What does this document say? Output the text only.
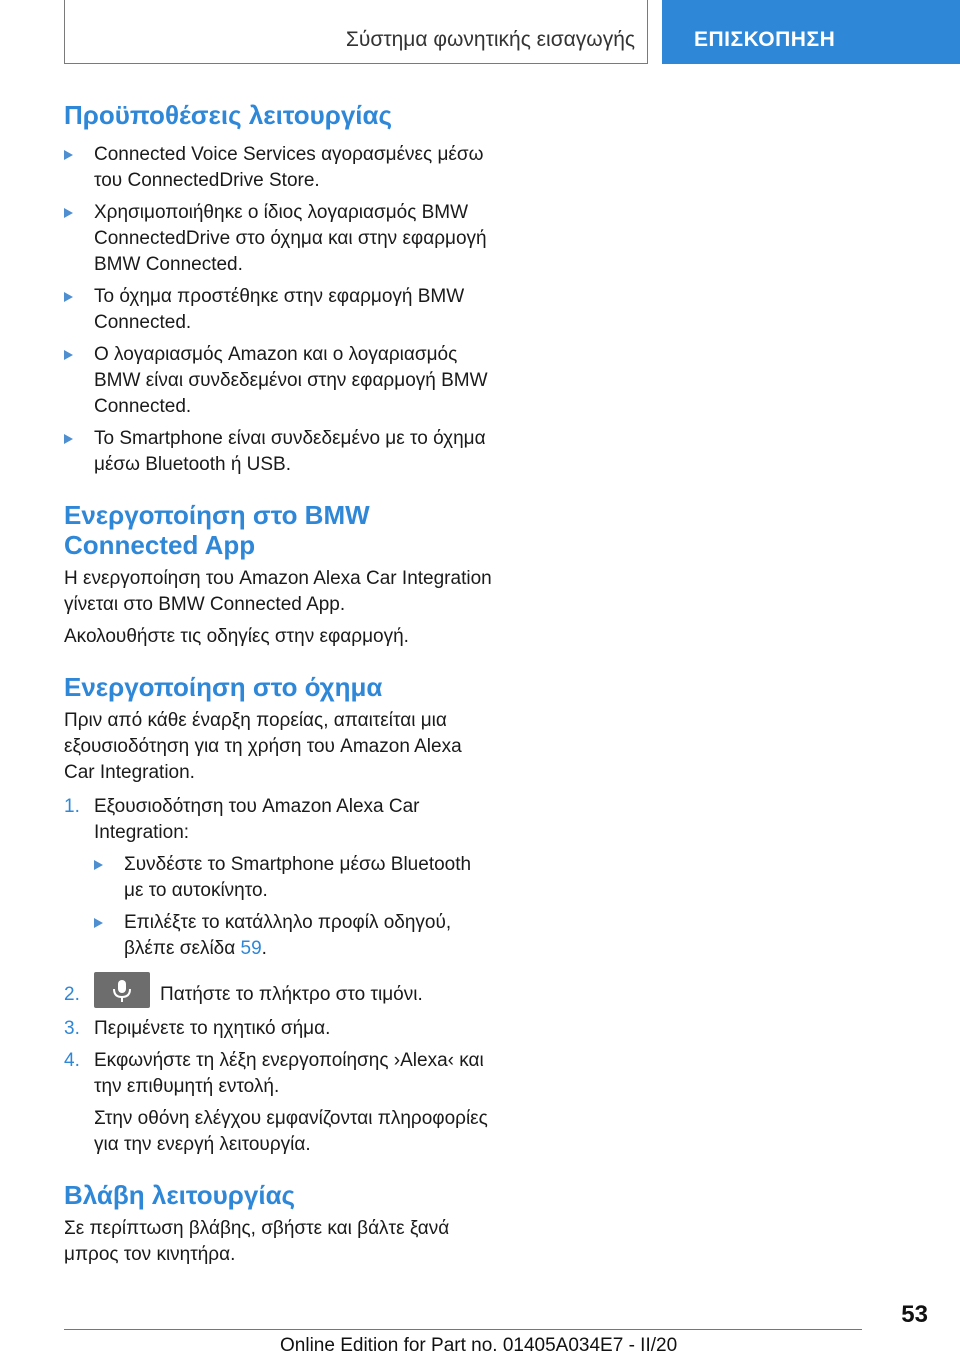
Σύστημα φωνητικής εισαγωγής	ΕΠΙΣΚΟΠΗΣΗ
Προϋποθέσεις λειτουργίας
Connected Voice Services αγορασμένες μέσω του ConnectedDrive Store.
Χρησιμοποιήθηκε ο ίδιος λογαριασμός BMW ConnectedDrive στο όχημα και στην εφαρμογή BMW Connected.
Το όχημα προστέθηκε στην εφαρμογή BMW Connected.
Ο λογαριασμός Amazon και ο λογαριασμός BMW είναι συνδεδεμένοι στην εφαρμογή BMW Connected.
Το Smartphone είναι συνδεδεμένο με το όχημα μέσω Bluetooth ή USB.
Ενεργοποίηση στο BMW Connected App

Η ενεργοποίηση του Amazon Alexa Car Integration γίνεται στο BMW Connected App.

Ακολουθήστε τις οδηγίες στην εφαρμογή.

Ενεργοποίηση στο όχημα

Πριν από κάθε έναρξη πορείας, απαιτείται μια εξουσιοδότηση για τη χρήση του Amazon Alexa Car Integration.

1. Εξουσιοδότηση του Amazon Alexa Car Integration:
Συνδέστε το Smartphone μέσω Bluetooth με το αυτοκίνητο.
Επιλέξτε το κατάλληλο προφίλ οδηγού, βλέπε σελίδα 59.
2.	Πατήστε το πλήκτρο στο τιμόνι.
3. Περιμένετε το ηχητικό σήμα.
4. Εκφωνήστε τη λέξη ενεργοποίησης ›Alexa‹ και την επιθυμητή εντολή.
Στην οθόνη ελέγχου εμφανίζονται πληροφορίες για την ενεργή λειτουργία.
Βλάβη λειτουργίας

Σε περίπτωση βλάβης, σβήστε και βάλτε ξανά μπρος τον κινητήρα.

53
Online Edition for Part no. 01405A034E7 - II/20
